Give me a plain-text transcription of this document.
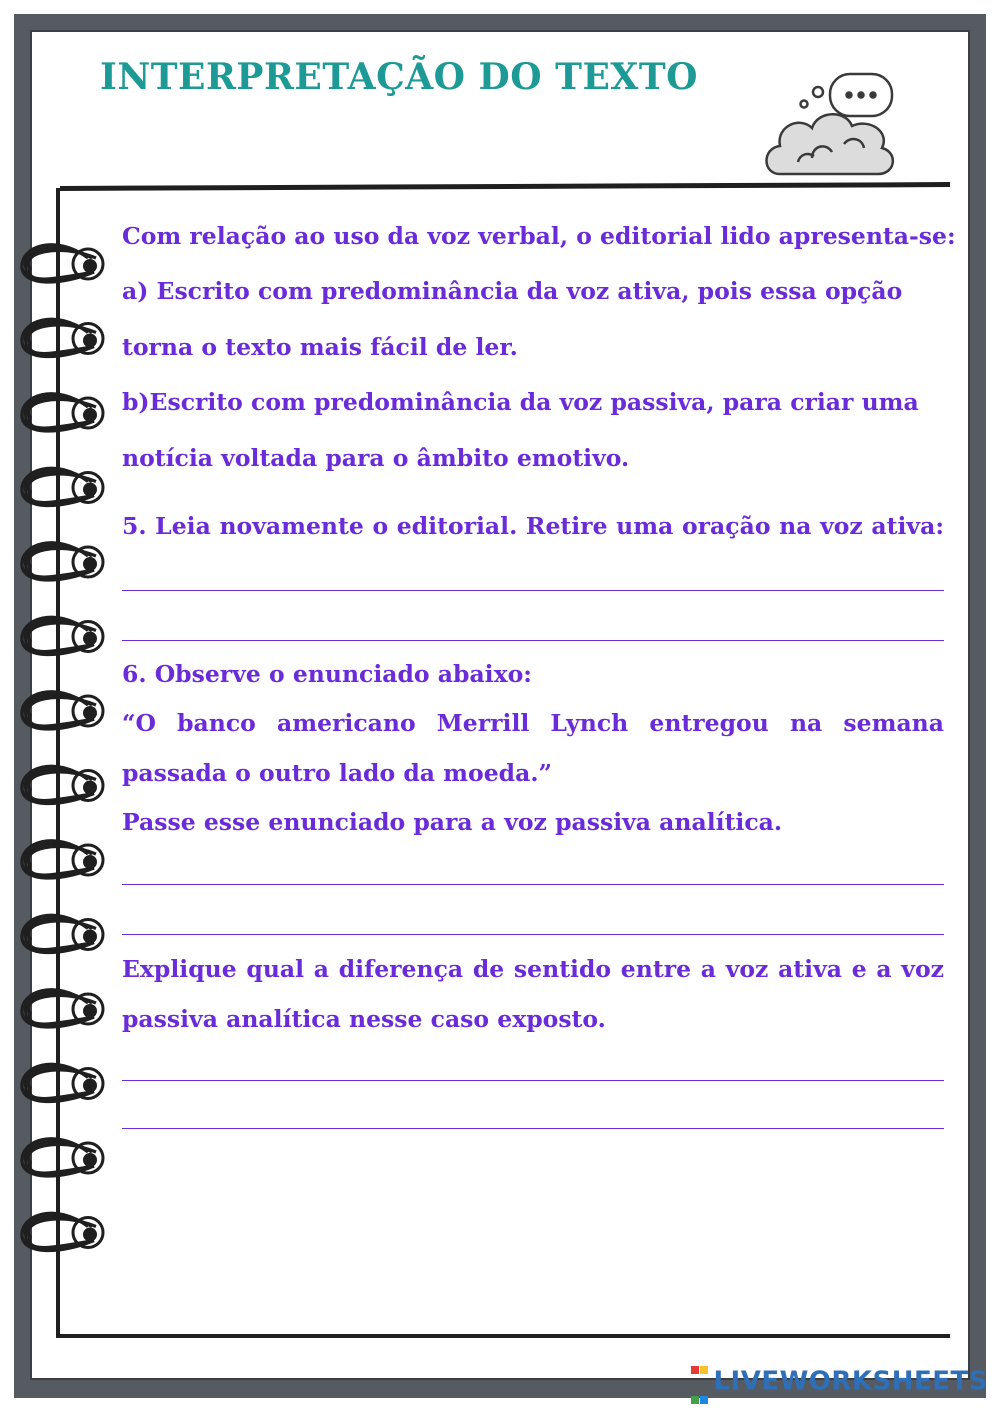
INTERPRETAÇÃO DO TEXTO

Com relação ao uso da voz verbal, o editorial lido apresenta-se:

a) Escrito com predominância da voz ativa, pois essa opção

torna o texto mais fácil de ler.

b)Escrito com predominância da voz passiva, para criar uma

notícia voltada para o âmbito emotivo.

5. Leia novamente o editorial. Retire uma oração na voz ativa:

6. Observe o enunciado abaixo:

“O banco americano Merrill Lynch entregou na semana

passada o outro lado da moeda.”

Passe esse enunciado para a voz passiva analítica.

Explique qual a diferença de sentido entre a voz ativa e a voz

passiva analítica nesse caso exposto.

LIVEWORKSHEETS
